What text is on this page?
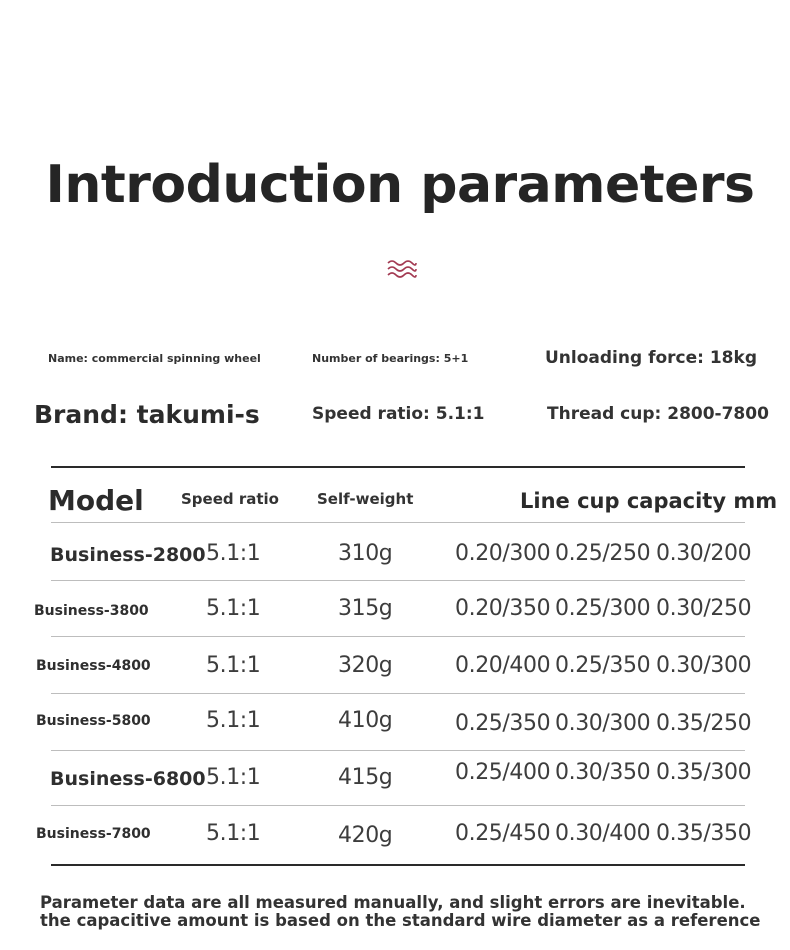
Introduction parameters
Name: commercial spinning wheel	Number of bearings: 5+1	Unloading force: 18kg
Brand: takumi-s	Speed ratio: 5.1:1	Thread cup: 2800-7800
Model Speed ratio	Self-weight	Line cup capacity mm
Business-2800 5.1:1	310g	0.20/300 0.25/250 0.30/200
Business-3800	5.1:1	315g	0.20/350 0.25/300 0.30/250
Business-4800	5.1:1	320g	0.20/400 0.25/350 0.30/300
Business-5800	5.1:1	410g	0.25/350 0.30/300 0.35/250
Business-6800 5.1:1	415g	0.25/400 0.30/350 0.35/300
Business-7800	5.1:1	420g	0.25/450 0.30/400 0.35/350
Parameter data are all measured manually, and slight errors are inevitable.
the capacitive amount is based on the standard wire diameter as a reference
